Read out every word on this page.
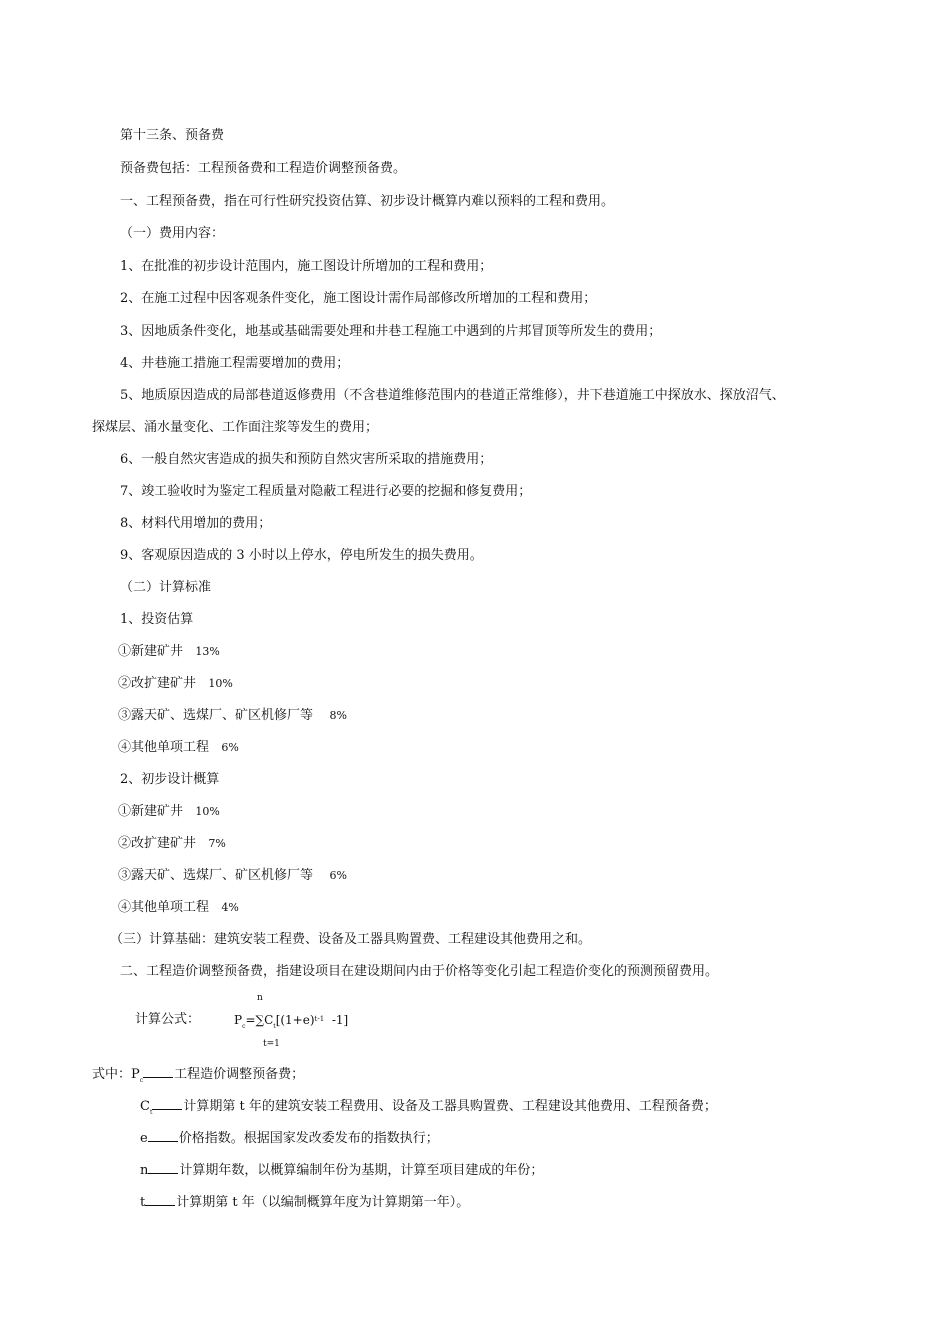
第十三条、预备费
预备费包括：工程预备费和工程造价调整预备费。
一、工程预备费，指在可行性研究投资估算、初步设计概算内难以预料的工程和费用。
（一）费用内容：
1、在批准的初步设计范围内，施工图设计所增加的工程和费用；
2、在施工过程中因客观条件变化，施工图设计需作局部修改所增加的工程和费用；
3、因地质条件变化，地基或基础需要处理和井巷工程施工中遇到的片邦冒顶等所发生的费用；
4、井巷施工措施工程需要增加的费用；
5、地质原因造成的局部巷道返修费用（不含巷道维修范围内的巷道正常维修），井下巷道施工中探放水、探放沼气、
探煤层、涌水量变化、工作面注浆等发生的费用；
6、一般自然灾害造成的损失和预防自然灾害所采取的措施费用；
7、竣工验收时为鉴定工程质量对隐蔽工程进行必要的挖掘和修复费用；
8、材料代用增加的费用；
9、客观原因造成的 3 小时以上停水，停电所发生的损失费用。
（二）计算标准
1、投资估算
①新建矿井 13%
②改扩建矿井 10%
③露天矿、选煤厂、矿区机修厂等 8%
④其他单项工程 6%
2、初步设计概算
①新建矿井 10%
②改扩建矿井 7%
③露天矿、选煤厂、矿区机修厂等 6%
④其他单项工程 4%
（三）计算基础：建筑安装工程费、设备及工器具购置费、工程建设其他费用之和。
二、工程造价调整预备费，指建设项目在建设期间内由于价格等变化引起工程造价变化的预测预留费用。
n
计算公式：	$P_c=\sum C_t[(1+e)^{t-1}$ -1]
t=1
式中：$P_c$ 工程造价调整预备费；
$C_t$ 计算期第 t 年的建筑安装工程费用、设备及工器具购置费、工程建设其他费用、工程预备费；
e 价格指数。根据国家发改委发布的指数执行；
n 计算期年数，以概算编制年份为基期，计算至项目建成的年份；
t 计算期第 t 年（以编制概算年度为计算期第一年）。
